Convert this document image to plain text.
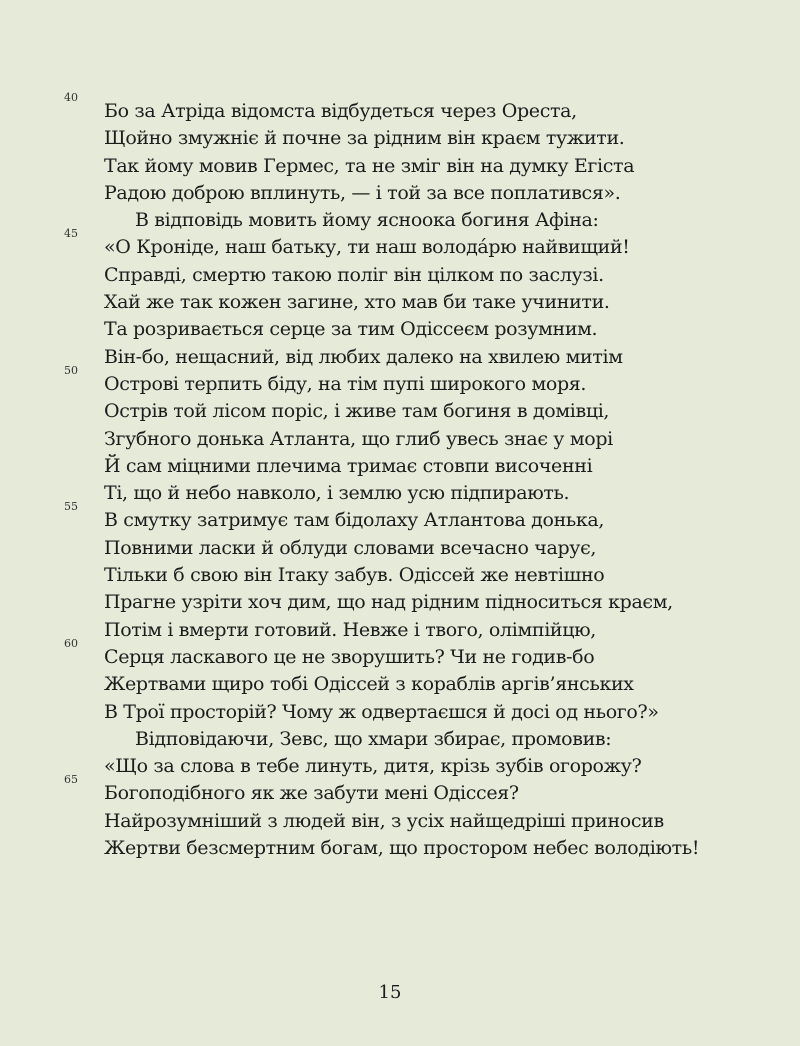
40
Бо за Атріда відомста відбудеться через Ореста,
Щойно змужніє й почне за рідним він краєм тужити.
Так йому мовив Гермес, та не зміг він на думку Егіста
Радою доброю вплинуть, — і той за все поплатився».
В відповідь мовить йому ясноока богиня Афіна:
45
«О Кроніде, наш батьку, ти наш володáрю найвищий!
Справді, смертю такою поліг він цілком по заслузі.
Хай же так кожен загине, хто мав би таке учинити.
Та розривається серце за тим Одіссеєм розумним.
Він-бо, нещасний, від любих далеко на хвилею митім
50
Острові терпить біду, на тім пупі широкого моря.
Острів той лісом поріс, і живе там богиня в домівці,
Згубного донька Атланта, що глиб увесь знає у морі
Й сам міцними плечима тримає стовпи височенні
Ті, що й небо навколо, і землю усю підпирають.
55
В смутку затримує там бідолаху Атлантова донька,
Повними ласки й облуди словами всечасно чарує,
Тільки б свою він Ітаку забув. Одіссей же невтішно
Прагне узріти хоч дим, що над рідним підноситься краєм,
Потім і вмерти готовий. Невже і твого, олімпійцю,
60
Серця ласкавого це не зворушить? Чи не годив-бо
Жертвами щиро тобі Одіссей з кораблів аргів’янських
В Трої просторій? Чому ж одвертаєшся й досі од нього?»
Відповідаючи, Зевс, що хмари збирає, промовив:
«Що за слова в тебе линуть, дитя, крізь зубів огорожу?
65
Богоподібного як же забути мені Одіссея?
Найрозумніший з людей він, з усіх найщедріші приносив
Жертви безсмертним богам, що простором небес володіють!
15
